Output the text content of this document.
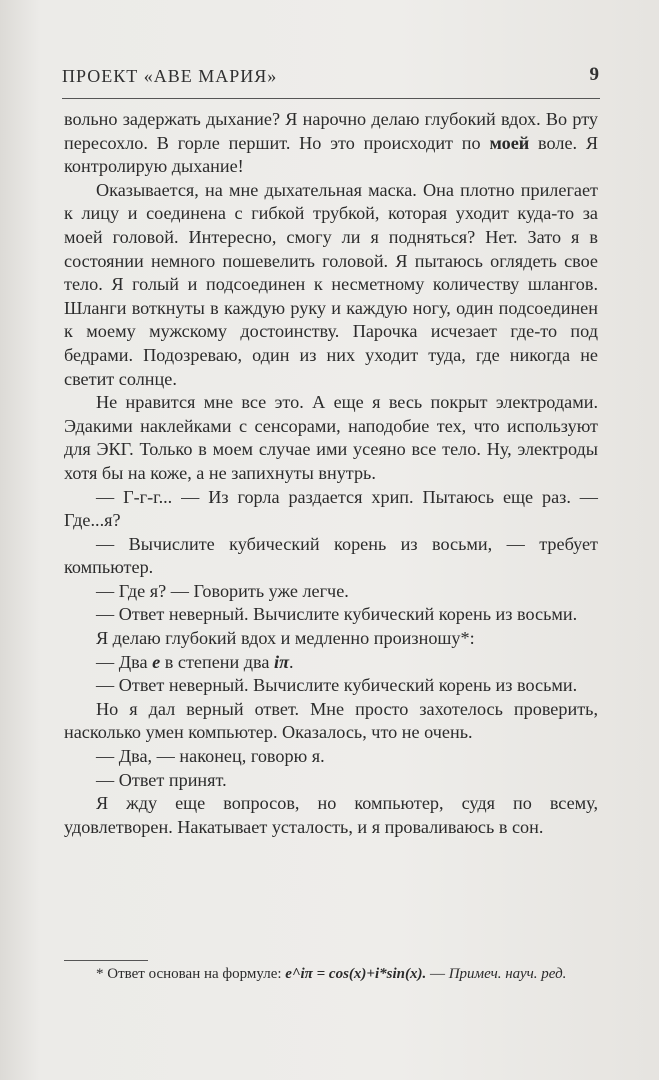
ПРОЕКТ «АВЕ МАРИЯ»	9

вольно задержать дыхание? Я нарочно делаю глубокий вдох. Во рту пересохло. В горле першит. Но это происходит по моей воле. Я контролирую дыхание!

Оказывается, на мне дыхательная маска. Она плотно прилегает к лицу и соединена с гибкой трубкой, которая уходит куда-то за моей головой. Интересно, смогу ли я подняться? Нет. Зато я в состоянии немного пошевелить головой. Я пытаюсь оглядеть свое тело. Я голый и подсоединен к несметному количеству шлангов. Шланги воткнуты в каждую руку и каждую ногу, один подсоединен к моему мужскому достоинству. Парочка исчезает где-то под бедрами. Подозреваю, один из них уходит туда, где никогда не светит солнце.

Не нравится мне все это. А еще я весь покрыт электродами. Эдакими наклейками с сенсорами, наподобие тех, что используют для ЭКГ. Только в моем случае ими усеяно все тело. Ну, электроды хотя бы на коже, а не запихнуты внутрь.

— Г-г-г... — Из горла раздается хрип. Пытаюсь еще раз. — Где...я?

— Вычислите кубический корень из восьми, — требует компьютер.

— Где я? — Говорить уже легче.

— Ответ неверный. Вычислите кубический корень из восьми.

Я делаю глубокий вдох и медленно произношу*:

— Два e в степени два iπ.

— Ответ неверный. Вычислите кубический корень из восьми.

Но я дал верный ответ. Мне просто захотелось проверить, насколько умен компьютер. Оказалось, что не очень.

— Два, — наконец, говорю я.

— Ответ принят.

Я жду еще вопросов, но компьютер, судя по всему, удовлетворен. Накатывает усталость, и я проваливаюсь в сон.

* Ответ основан на формуле: e^iπ = cos(x)+i*sin(x). — Примеч. науч. ред.
